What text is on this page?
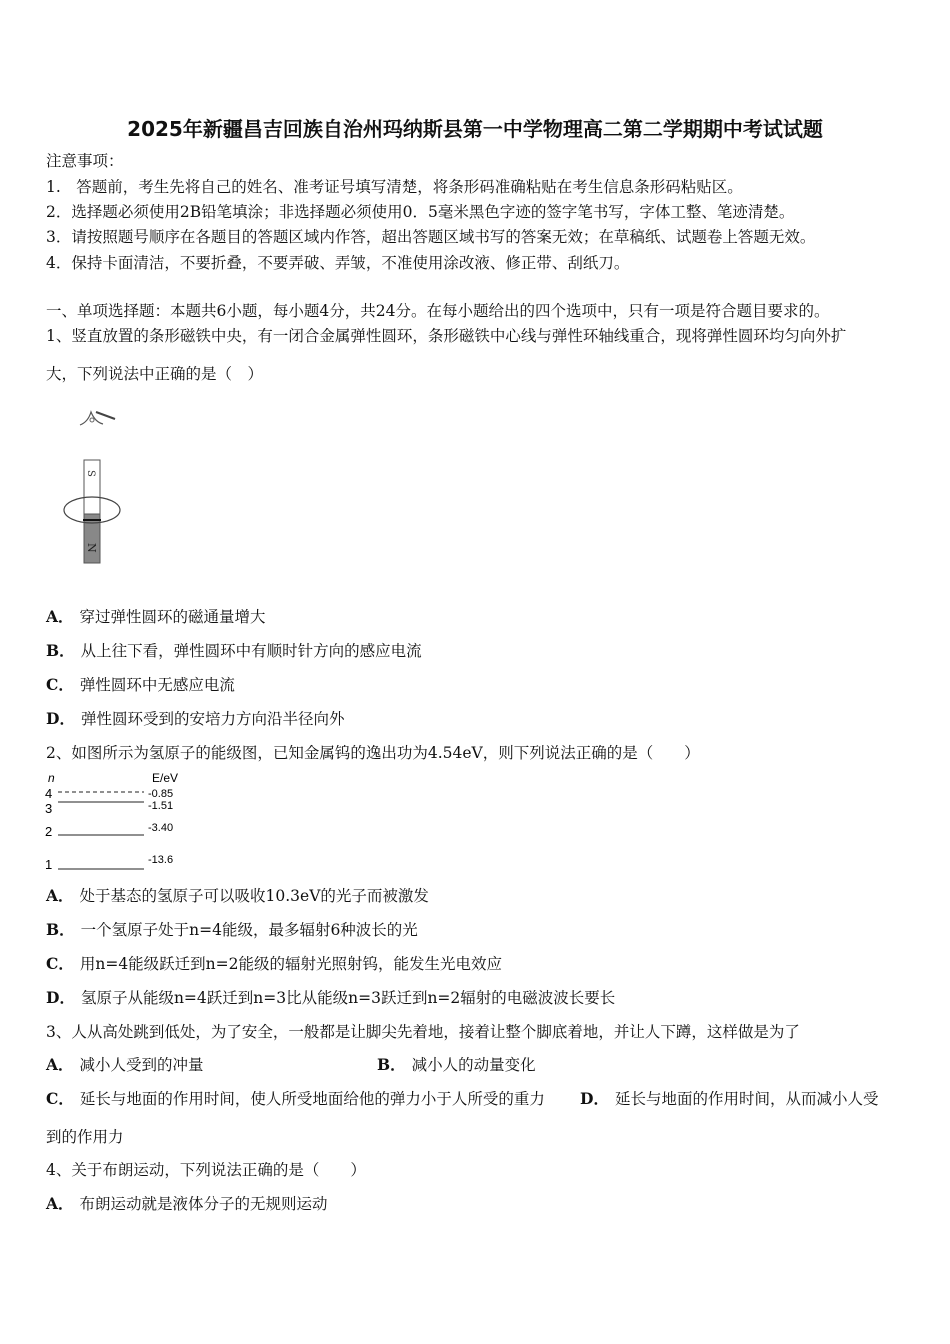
2025年新疆昌吉回族自治州玛纳斯县第一中学物理高二第二学期期中考试试题
注意事项：
1.　答题前，考生先将自己的姓名、准考证号填写清楚，将条形码准确粘贴在考生信息条形码粘贴区。
2．选择题必须使用2B铅笔填涂；非选择题必须使用0．5毫米黑色字迹的签字笔书写，字体工整、笔迹清楚。
3．请按照题号顺序在各题目的答题区域内作答，超出答题区域书写的答案无效；在草稿纸、试题卷上答题无效。
4．保持卡面清洁，不要折叠，不要弄破、弄皱，不准使用涂改液、修正带、刮纸刀。
一、单项选择题：本题共6小题，每小题4分，共24分。在每小题给出的四个选项中，只有一项是符合题目要求的。
1、竖直放置的条形磁铁中央，有一闭合金属弹性圆环，条形磁铁中心线与弹性环轴线重合，现将弹性圆环均匀向外扩
大，下列说法中正确的是（　）
S
N
A． 穿过弹性圆环的磁通量增大
B． 从上往下看，弹性圆环中有顺时针方向的感应电流
C． 弹性圆环中无感应电流
D． 弹性圆环受到的安培力方向沿半径向外
2、如图所示为氢原子的能级图，已知金属钨的逸出功为4.54eV，则下列说法正确的是（　　）
n	E/eV
4
3
2
1
-0.85
-1.51
-3.40
-13.6
A． 处于基态的氢原子可以吸收10.3eV的光子而被激发
B． 一个氢原子处于n=4能级，最多辐射6种波长的光
C． 用n=4能级跃迁到n=2能级的辐射光照射钨，能发生光电效应
D． 氢原子从能级n=4跃迁到n=3比从能级n=3跃迁到n=2辐射的电磁波波长要长
3、人从高处跳到低处，为了安全，一般都是让脚尖先着地，接着让整个脚底着地，并让人下蹲，这样做是为了
A． 减小人受到的冲量	B． 减小人的动量变化
C． 延长与地面的作用时间，使人所受地面给他的弹力小于人所受的重力 D． 延长与地面的作用时间，从而减小人受
到的作用力
4、关于布朗运动，下列说法正确的是（　　）
A． 布朗运动就是液体分子的无规则运动
